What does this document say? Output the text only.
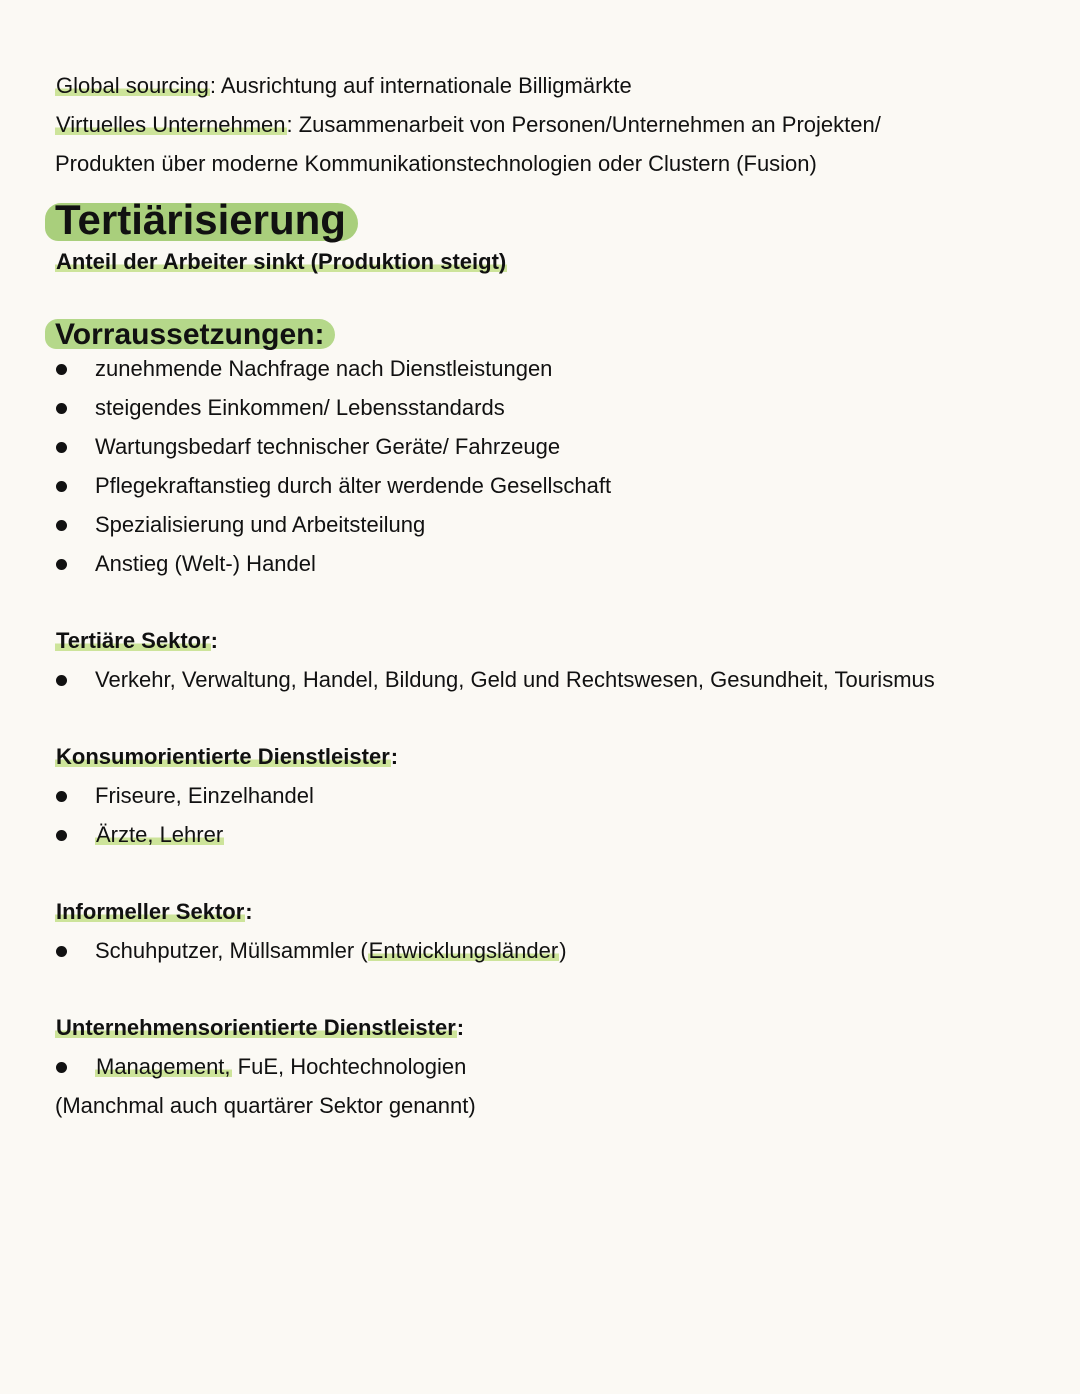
Global sourcing: Ausrichtung auf internationale Billigmärkte
Virtuelles Unternehmen: Zusammenarbeit von Personen/Unternehmen an Projekten/
Produkten über moderne Kommunikationstechnologien oder Clustern (Fusion)
Tertiärisierung
Anteil der Arbeiter sinkt (Produktion steigt)
Vorraussetzungen:
zunehmende Nachfrage nach Dienstleistungen
steigendes Einkommen/ Lebensstandards
Wartungsbedarf technischer Geräte/ Fahrzeuge
Pflegekraftanstieg durch älter werdende Gesellschaft
Spezialisierung und Arbeitsteilung
Anstieg (Welt-) Handel
Tertiäre Sektor:
Verkehr, Verwaltung, Handel, Bildung, Geld und Rechtswesen, Gesundheit, Tourismus
Konsumorientierte Dienstleister:
Friseure, Einzelhandel
Ärzte, Lehrer
Informeller Sektor:
Schuhputzer, Müllsammler (Entwicklungsländer)
Unternehmensorientierte Dienstleister:
Management, FuE, Hochtechnologien
(Manchmal auch quartärer Sektor genannt)
